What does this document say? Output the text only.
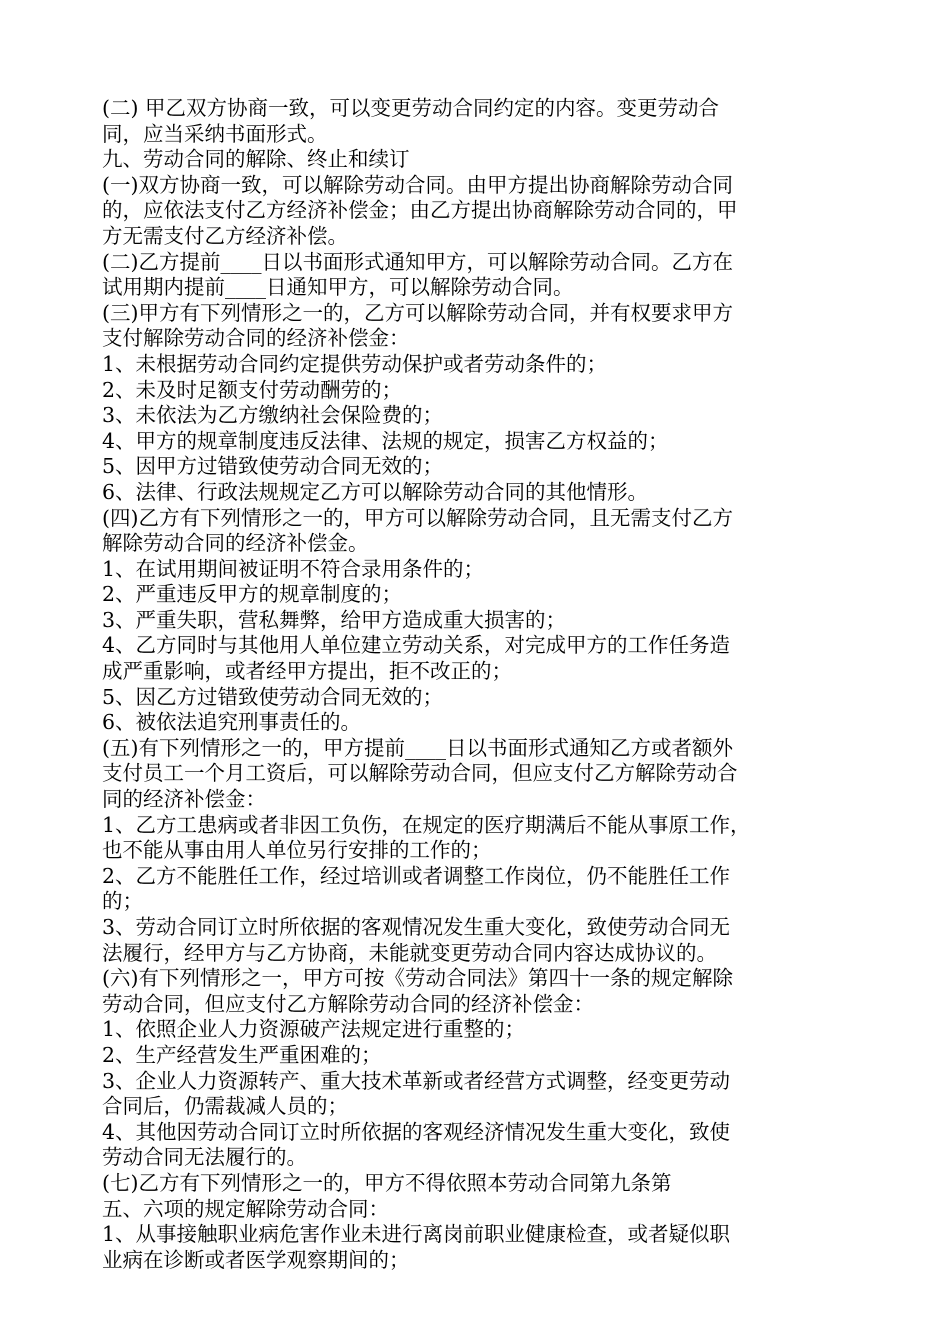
(二) 甲乙双方协商一致，可以变更劳动合同约定的内容。变更劳动合
同，应当采纳书面形式。
九、劳动合同的解除、终止和续订
(一)双方协商一致，可以解除劳动合同。由甲方提出协商解除劳动合同
的，应依法支付乙方经济补偿金；由乙方提出协商解除劳动合同的，甲
方无需支付乙方经济补偿。
(二)乙方提前____日以书面形式通知甲方，可以解除劳动合同。乙方在
试用期内提前____日通知甲方，可以解除劳动合同。
(三)甲方有下列情形之一的，乙方可以解除劳动合同，并有权要求甲方
支付解除劳动合同的经济补偿金：
1、未根据劳动合同约定提供劳动保护或者劳动条件的；
2、未及时足额支付劳动酬劳的；
3、未依法为乙方缴纳社会保险费的；
4、甲方的规章制度违反法律、法规的规定，损害乙方权益的；
5、因甲方过错致使劳动合同无效的；
6、法律、行政法规规定乙方可以解除劳动合同的其他情形。
(四)乙方有下列情形之一的，甲方可以解除劳动合同，且无需支付乙方
解除劳动合同的经济补偿金。
1、在试用期间被证明不符合录用条件的；
2、严重违反甲方的规章制度的；
3、严重失职，营私舞弊，给甲方造成重大损害的；
4、乙方同时与其他用人单位建立劳动关系，对完成甲方的工作任务造
成严重影响，或者经甲方提出，拒不改正的；
5、因乙方过错致使劳动合同无效的；
6、被依法追究刑事责任的。
(五)有下列情形之一的，甲方提前____日以书面形式通知乙方或者额外
支付员工一个月工资后，可以解除劳动合同，但应支付乙方解除劳动合
同的经济补偿金：
1、乙方工患病或者非因工负伤，在规定的医疗期满后不能从事原工作，
也不能从事由用人单位另行安排的工作的；
2、乙方不能胜任工作，经过培训或者调整工作岗位，仍不能胜任工作
的；
3、劳动合同订立时所依据的客观情况发生重大变化，致使劳动合同无
法履行，经甲方与乙方协商，未能就变更劳动合同内容达成协议的。
(六)有下列情形之一，甲方可按《劳动合同法》第四十一条的规定解除
劳动合同，但应支付乙方解除劳动合同的经济补偿金：
1、依照企业人力资源破产法规定进行重整的；
2、生产经营发生严重困难的；
3、企业人力资源转产、重大技术革新或者经营方式调整，经变更劳动
合同后，仍需裁减人员的；
4、其他因劳动合同订立时所依据的客观经济情况发生重大变化，致使
劳动合同无法履行的。
(七)乙方有下列情形之一的，甲方不得依照本劳动合同第九条第
五、六项的规定解除劳动合同：
1、从事接触职业病危害作业未进行离岗前职业健康检查，或者疑似职
业病在诊断或者医学观察期间的；
